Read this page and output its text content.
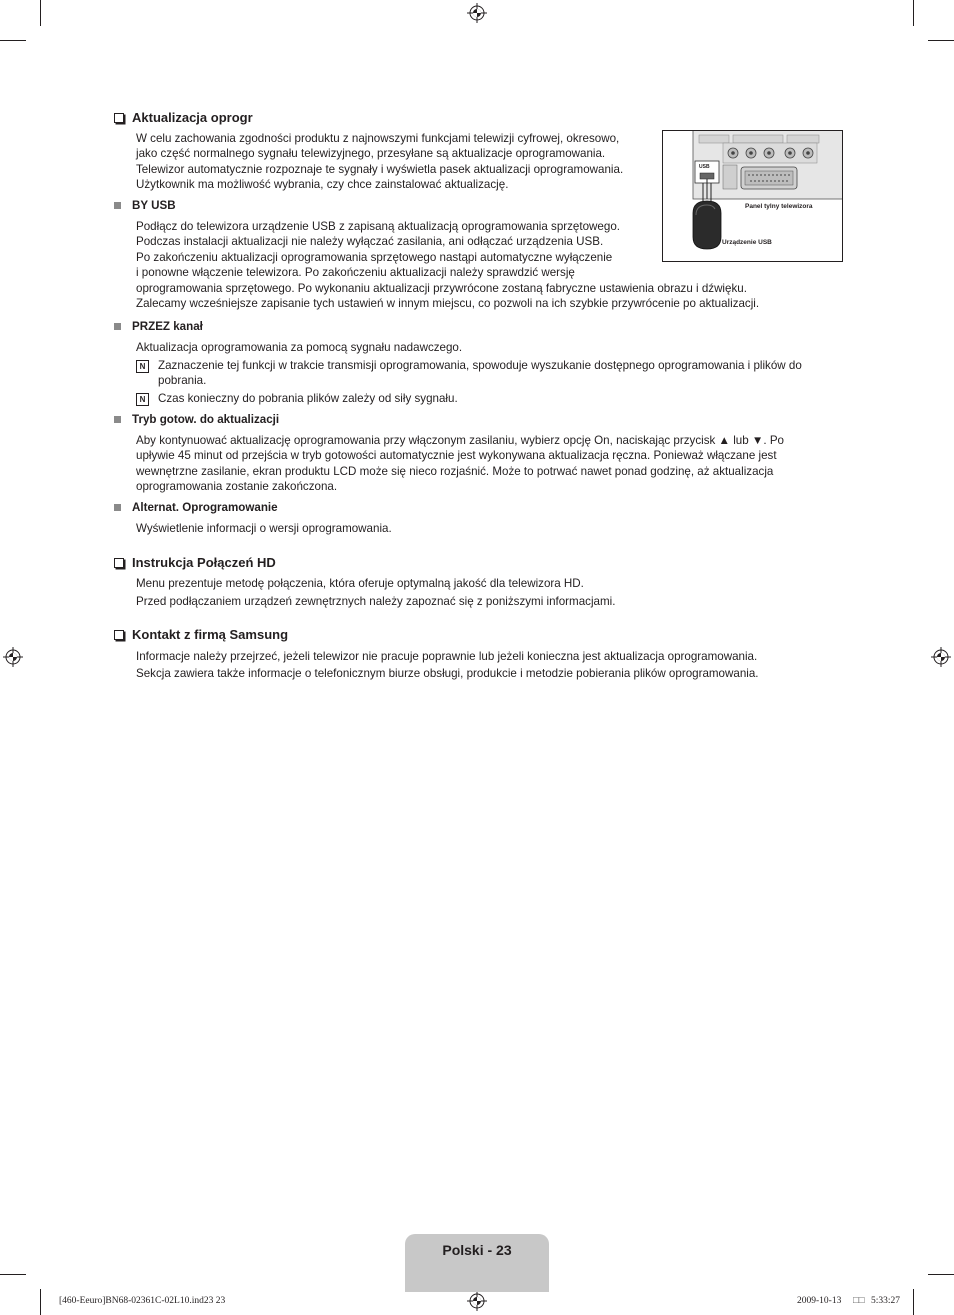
Aktualizacja oprogr
W celu zachowania zgodności produktu z najnowszymi funkcjami telewizji cyfrowej, okresowo,
jako część normalnego sygnału telewizyjnego, przesyłane są aktualizacje oprogramowania.
Telewizor automatycznie rozpoznaje te sygnały i wyświetla pasek aktualizacji oprogramowania.
Użytkownik ma możliwość wybrania, czy chce zainstalować aktualizację.
BY USB
Podłącz do telewizora urządzenie USB z zapisaną aktualizacją oprogramowania sprzętowego.
Podczas instalacji aktualizacji nie należy wyłączać zasilania, ani odłączać urządzenia USB.
Po zakończeniu aktualizacji oprogramowania sprzętowego nastąpi automatyczne wyłączenie
i ponowne włączenie telewizora. Po zakończeniu aktualizacji należy sprawdzić wersję
oprogramowania sprzętowego. Po wykonaniu aktualizacji przywrócone zostaną fabryczne ustawienia obrazu i dźwięku.
Zalecamy wcześniejsze zapisanie tych ustawień w innym miejscu, co pozwoli na ich szybkie przywrócenie po aktualizacji.
USB
Panel tylny telewizora
Urządzenie USB
PRZEZ kanał
Aktualizacja oprogramowania za pomocą sygnału nadawczego.
N	Zaznaczenie tej funkcji w trakcie transmisji oprogramowania, spowoduje wyszukanie dostępnego oprogramowania i plików do pobrania.
N	Czas konieczny do pobrania plików zależy od siły sygnału.
Tryb gotow. do aktualizacji
Aby kontynuować aktualizację oprogramowania przy włączonym zasilaniu, wybierz opcję On, naciskając przycisk ▲ lub ▼. Po
upływie 45 minut od przejścia w tryb gotowości automatycznie jest wykonywana aktualizacja ręczna. Ponieważ włączane jest
wewnętrzne zasilanie, ekran produktu LCD może się nieco rozjaśnić. Może to potrwać nawet ponad godzinę, aż aktualizacja
oprogramowania zostanie zakończona.
Alternat. Oprogramowanie
Wyświetlenie informacji o wersji oprogramowania.
Instrukcja Połączeń HD
Menu prezentuje metodę połączenia, która oferuje optymalną jakość dla telewizora HD.
Przed podłączaniem urządzeń zewnętrznych należy zapoznać się z poniższymi informacjami.
Kontakt z firmą Samsung
Informacje należy przejrzeć, jeżeli telewizor nie pracuje poprawnie lub jeżeli konieczna jest aktualizacja oprogramowania.
Sekcja zawiera także informacje o telefonicznym biurze obsługi, produkcie i metodzie pobierania plików oprogramowania.
Polski - 23
[460-Eeuro]BN68-02361C-02L10.ind23 23	2009-10-13 □□ 5:33:27
